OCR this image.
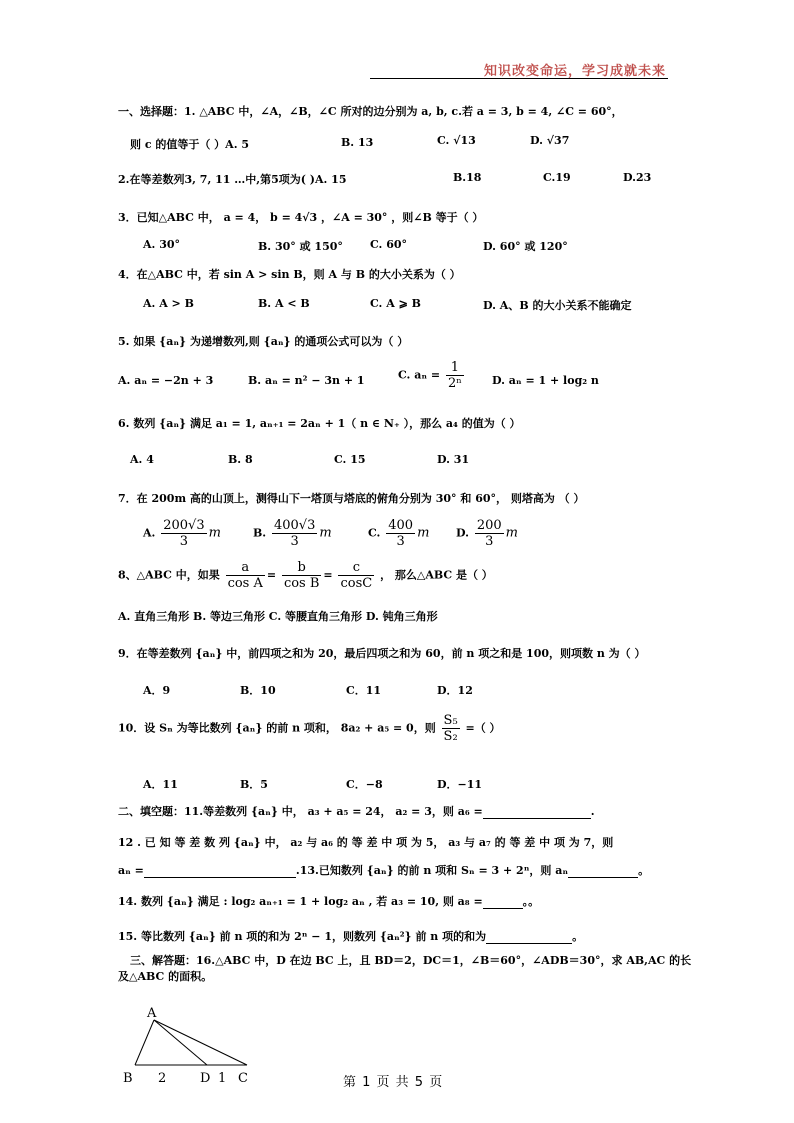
知识改变命运，学习成就未来
一、选择题：1. △ABC 中，∠A，∠B，∠C 所对的边分别为 a, b, c.若 a = 3, b = 4, ∠C = 60°，
则 c 的值等于（ ）A. 5	B. 13	C. √13	D. √37
2.在等差数列3, 7, 11 …中,第5项为( )A. 15	B.18	C.19	D.23
3．已知△ABC 中， a = 4， b = 4√3 ，∠A = 30° ，则∠B 等于（ ）
A. 30°	B. 30° 或 150° C. 60°	D. 60° 或 120°
4．在△ABC 中，若 sin A > sin B，则 A 与 B 的大小关系为（ ）
A. A > B	B. A < B	C. A ⩾ B	D. A、B 的大小关系不能确定
5. 如果 {aₙ} 为递增数列,则 {aₙ} 的通项公式可以为（ ）
A. aₙ = −2n + 3	B. aₙ = n² − 3n + 1	C. $a_n = \frac{1}{\text{2ⁿ}}$	D. aₙ = 1 + log₂ n
6. 数列 {aₙ} 满足 a₁ = 1, aₙ₊₁ = 2aₙ + 1（ n ∈ N₊ ），那么 a₄ 的值为（ ）
A. 4	B. 8	C. 15	D. 31
7．在 200m 高的山顶上，测得山下一塔顶与塔底的俯角分别为 30° 和 60°， 则塔高为 （ ）
A. $\frac{200√3}{3}$ m	B. $\frac{400√3}{3}$ m	C. $\frac{400}{3}$ m D. $\frac{200}{3}$ m
8、△ABC 中，如果 $\frac{a}{\text{cos A}} = \frac{b}{\text{cos B}} = \frac{c}{\cos C}$ ， 那么△ABC 是（ ）
A. 直角三角形 B. 等边三角形 C. 等腰直角三角形 D. 钝角三角形
9．在等差数列 {aₙ} 中，前四项之和为 20，最后四项之和为 60，前 n 项之和是 100，则项数 n 为（ ）
A．9	B．10	C．11	D．12
10．设 Sₙ 为等比数列 {aₙ} 的前 n 项和， 8a₂ + a₅ = 0，则 $\frac{\text{S₅}}{\text{S₂}}$ =（ ）
A．11	B．5	C．−8	D．−11
二、填空题：11.等差数列 {aₙ} 中， a₃ + a₅ = 24， a₂ = 3，则 a₆ =	.
12 . 已 知 等 差 数 列 {aₙ} 中， a₂ 与 a₆ 的 等 差 中 项 为 5， a₃ 与 a₇ 的 等 差 中 项 为 7，则
aₙ =	.13.已知数列 {aₙ} 的前 n 项和 Sₙ = 3 + 2ⁿ，则 aₙ	。
14. 数列 {aₙ} 满足 : log₂ aₙ₊₁ = 1 + log₂ aₙ , 若 a₃ = 10, 则 a₈ =	。。
15. 等比数列 {aₙ} 前 n 项的和为 2ⁿ − 1，则数列 {aₙ²} 前 n 项的和为	。
三、解答题：16.△ABC 中，D 在边 BC 上，且 BD＝2，DC＝1，∠B＝60°，∠ADB＝30°，求 AB,AC 的长
及△ABC 的面积。
A
B 2	D 1 C	第 1 页 共 5 页
